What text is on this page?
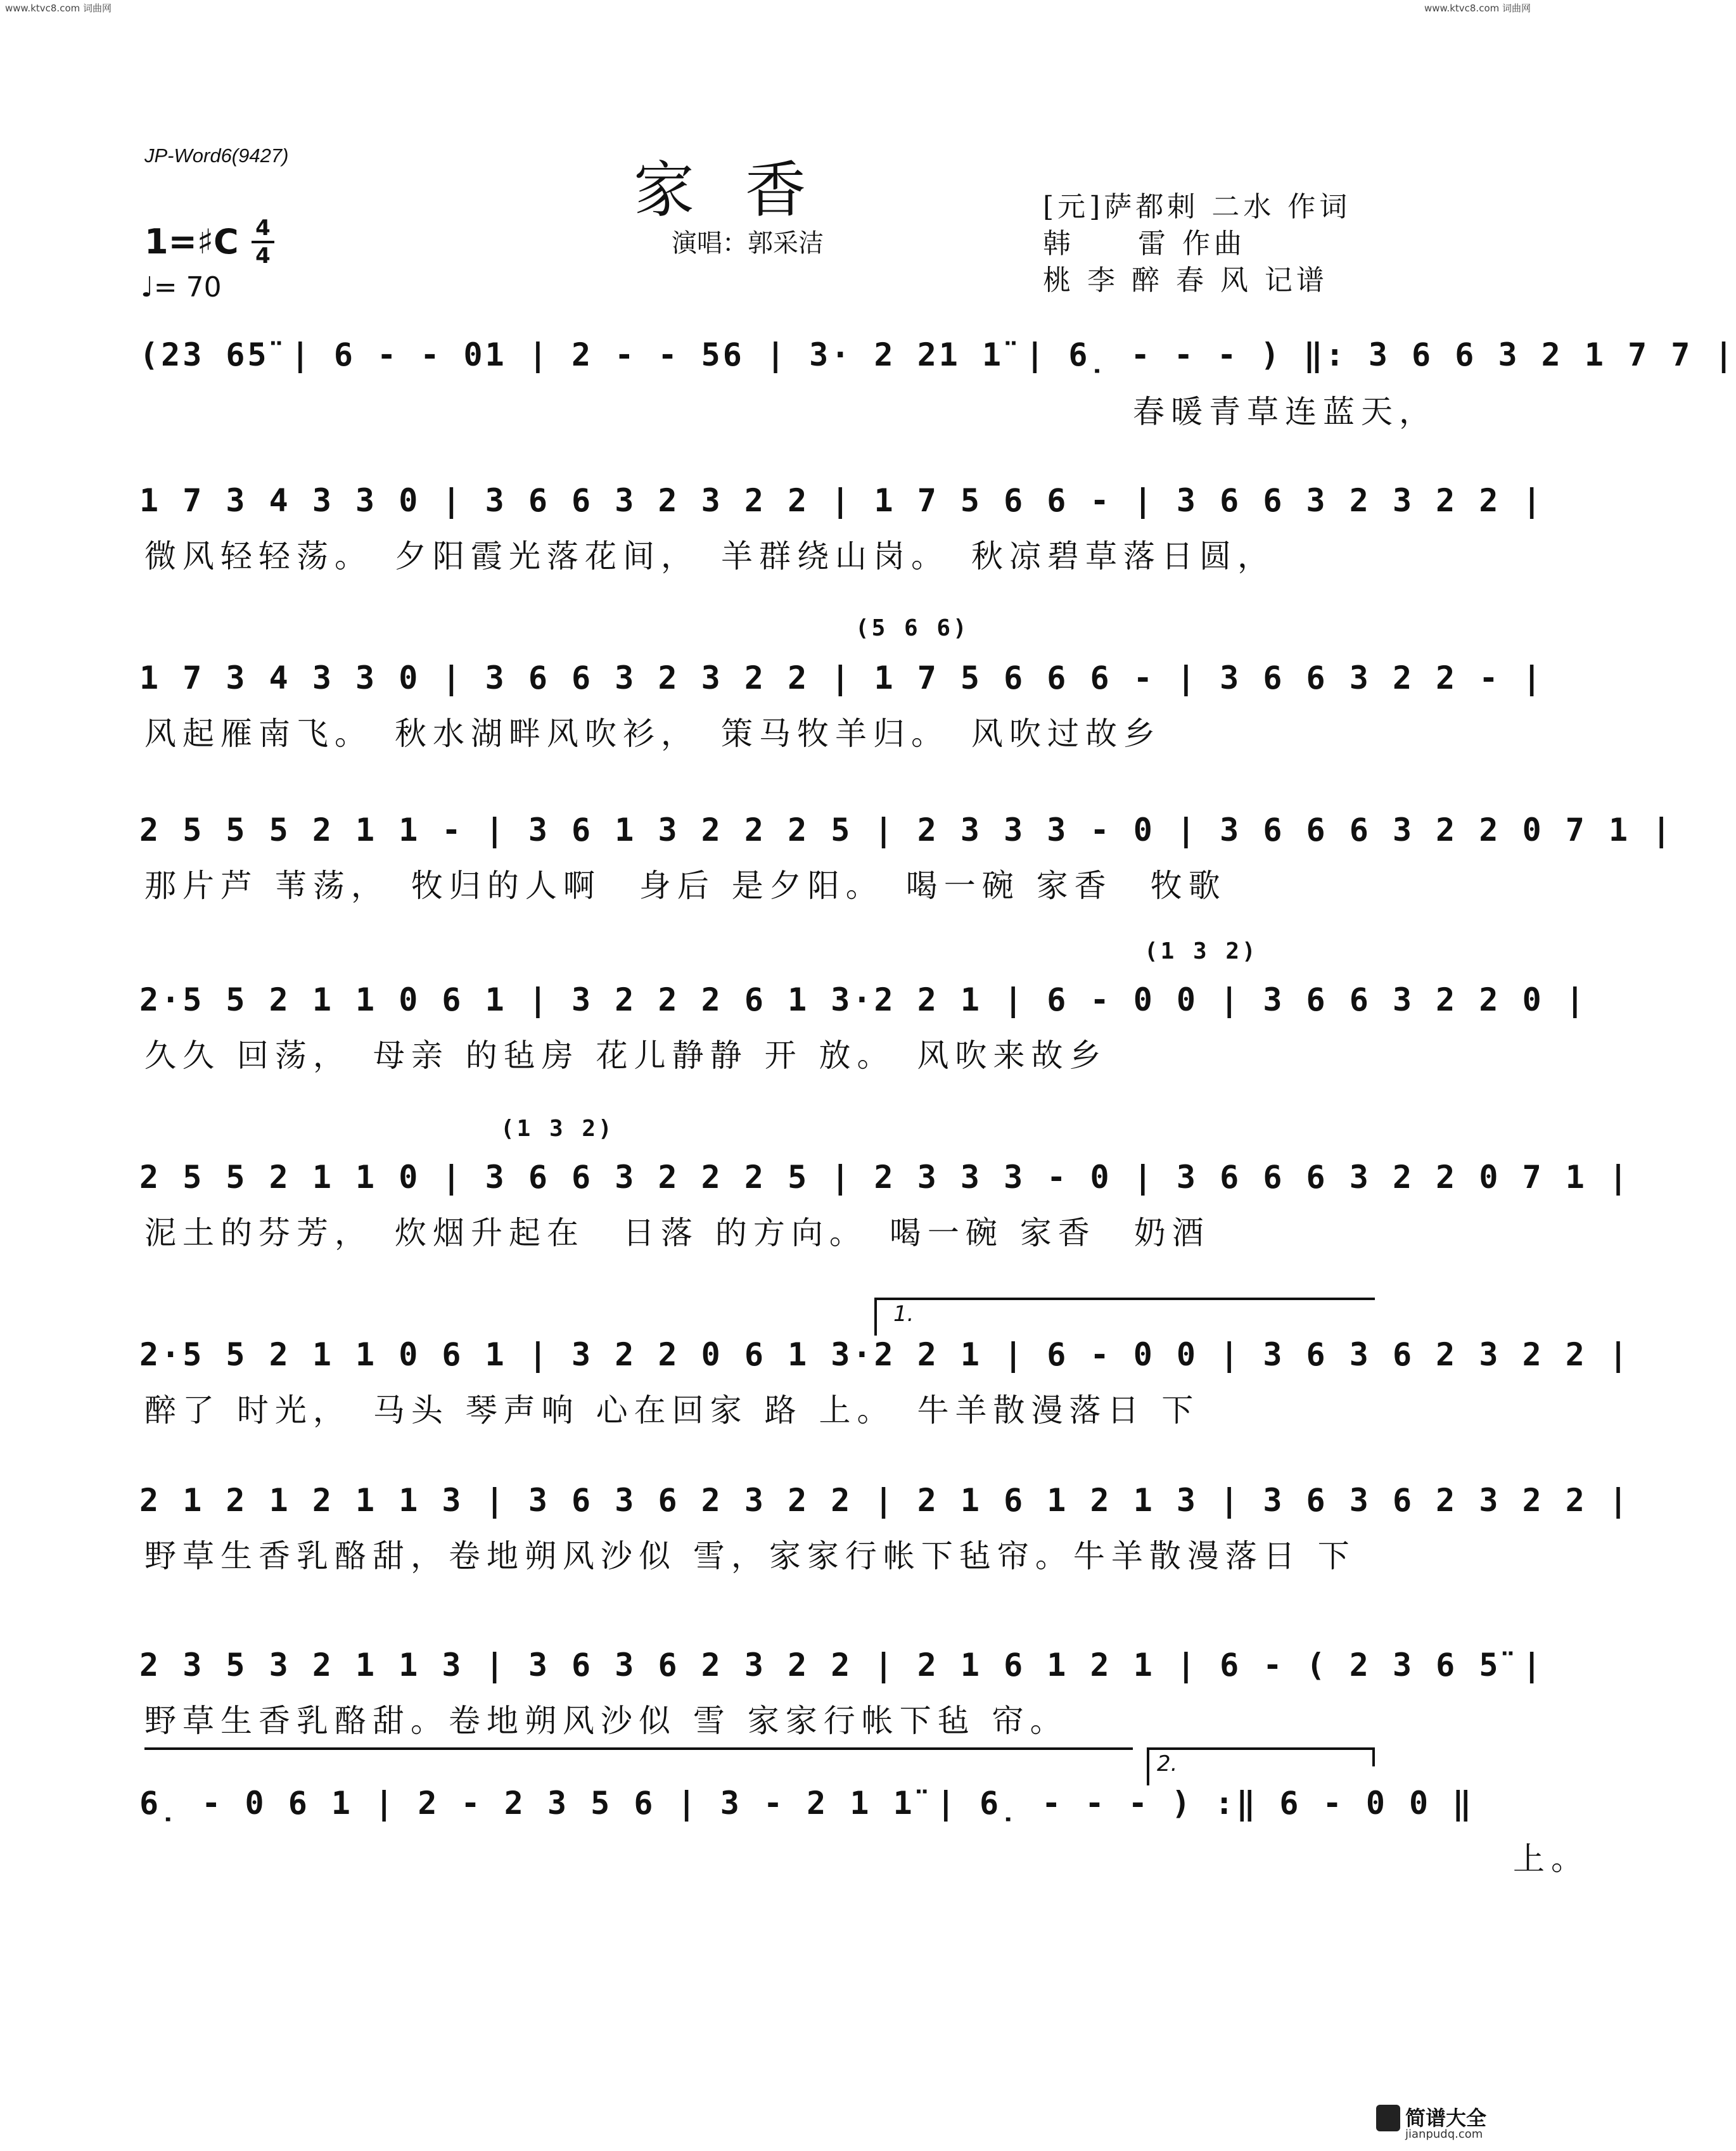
www.ktvc8.com 词曲网	www.ktvc8.com 词曲网
JP-Word6(9427)	家香
演唱：郭采洁
[元]萨都剌 二水 作词
韩　　雷 作曲
桃 李 醉 春 风 记谱
1=♯C 4
4
♩= 70
(23 65̈ | 6 - - 01 | 2 - - 56 | 3· 2 21 1̈ | 6̣ - - - ) ‖: 3 6 6 3 2 1 7 7 |
　　　　　　　　　　　　　　　　　　　　　　　　　　春暖青草连蓝天，
1 7 3 4 3 3 0 | 3 6 6 3 2 3 2 2 | 1 7 5 6 6 - | 3 6 6 3 2 3 2 2 |
微风轻轻荡。　夕阳霞光落花间，　羊群绕山岗。　秋凉碧草落日圆，
(5 6 6)
1 7 3 4 3 3 0 | 3 6 6 3 2 3 2 2 | 1 7 5 6 6 6 - | 3 6 6 3 2 2 - |
风起雁南飞。　秋水湖畔风吹衫，　策马牧羊归。　风吹过故乡
2 5 5 5 2 1 1 - | 3 6 1 3 2 2 2 5 | 2 3 3 3 - 0 | 3 6 6 6 3 2 2 0 7 1 |
那片芦 苇荡，　牧归的人啊　身后 是夕阳。　喝一碗 家香　牧歌
(1 3 2)
2·5 5 2 1 1 0 6 1 | 3 2 2 2 6 1 3·2 2 1 | 6 - 0 0 | 3 6 6 3 2 2 0 |
久久 回荡，　母亲 的毡房 花儿静静 开 放。　风吹来故乡
(1 3 2)
2 5 5 2 1 1 0 | 3 6 6 3 2 2 2 5 | 2 3 3 3 - 0 | 3 6 6 6 3 2 2 0 7 1 |
泥土的芬芳，　炊烟升起在　日落 的方向。　喝一碗 家香　奶酒
1.
2·5 5 2 1 1 0 6 1 | 3 2 2 0 6 1 3·2 2 1 | 6 - 0 0 | 3 6 3 6 2 3 2 2 |
醉了 时光，　马头 琴声响 心在回家 路 上。　牛羊散漫落日 下
2 1 2 1 2 1 1 3 | 3 6 3 6 2 3 2 2 | 2 1 6 1 2 1 3 | 3 6 3 6 2 3 2 2 |
野草生香乳酪甜，卷地朔风沙似 雪，家家行帐下毡帘。牛羊散漫落日 下
2 3 5 3 2 1 1 3 | 3 6 3 6 2 3 2 2 | 2 1 6 1 2 1 | 6 - ( 2 3 6 5̈ |
野草生香乳酪甜。卷地朔风沙似 雪 家家行帐下毡 帘。
2.
6̣ - 0 6 1 | 2 - 2 3 5 6 | 3 - 2 1 1̈ | 6̣ - - - ) :‖ 6 - 0 0 ‖
　　　　　　　　　　　　　　　　　　　　　　　　　　　　　　　　　　　　上。
简谱大全
jianpudq.com
